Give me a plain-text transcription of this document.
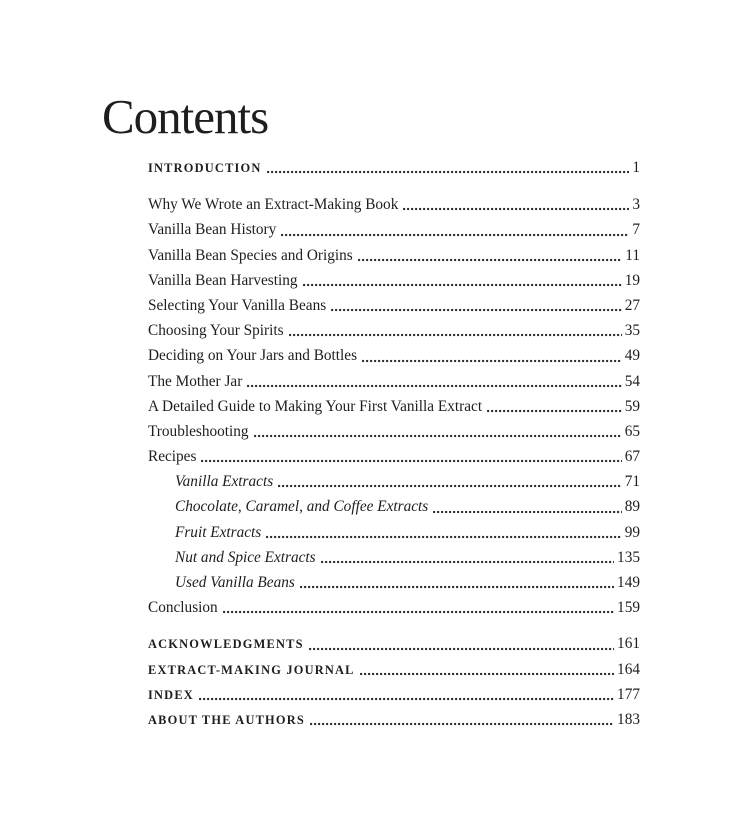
Contents
INTRODUCTION	1
Why We Wrote an Extract-Making Book	3
Vanilla Bean History	7
Vanilla Bean Species and Origins	11
Vanilla Bean Harvesting	19
Selecting Your Vanilla Beans	27
Choosing Your Spirits	35
Deciding on Your Jars and Bottles	49
The Mother Jar	54
A Detailed Guide to Making Your First Vanilla Extract	59
Troubleshooting	65
Recipes	67
Vanilla Extracts	71
Chocolate, Caramel, and Coffee Extracts	89
Fruit Extracts	99
Nut and Spice Extracts	135
Used Vanilla Beans	149
Conclusion	159
ACKNOWLEDGMENTS	161
EXTRACT-MAKING JOURNAL	164
INDEX	177
ABOUT THE AUTHORS	183
